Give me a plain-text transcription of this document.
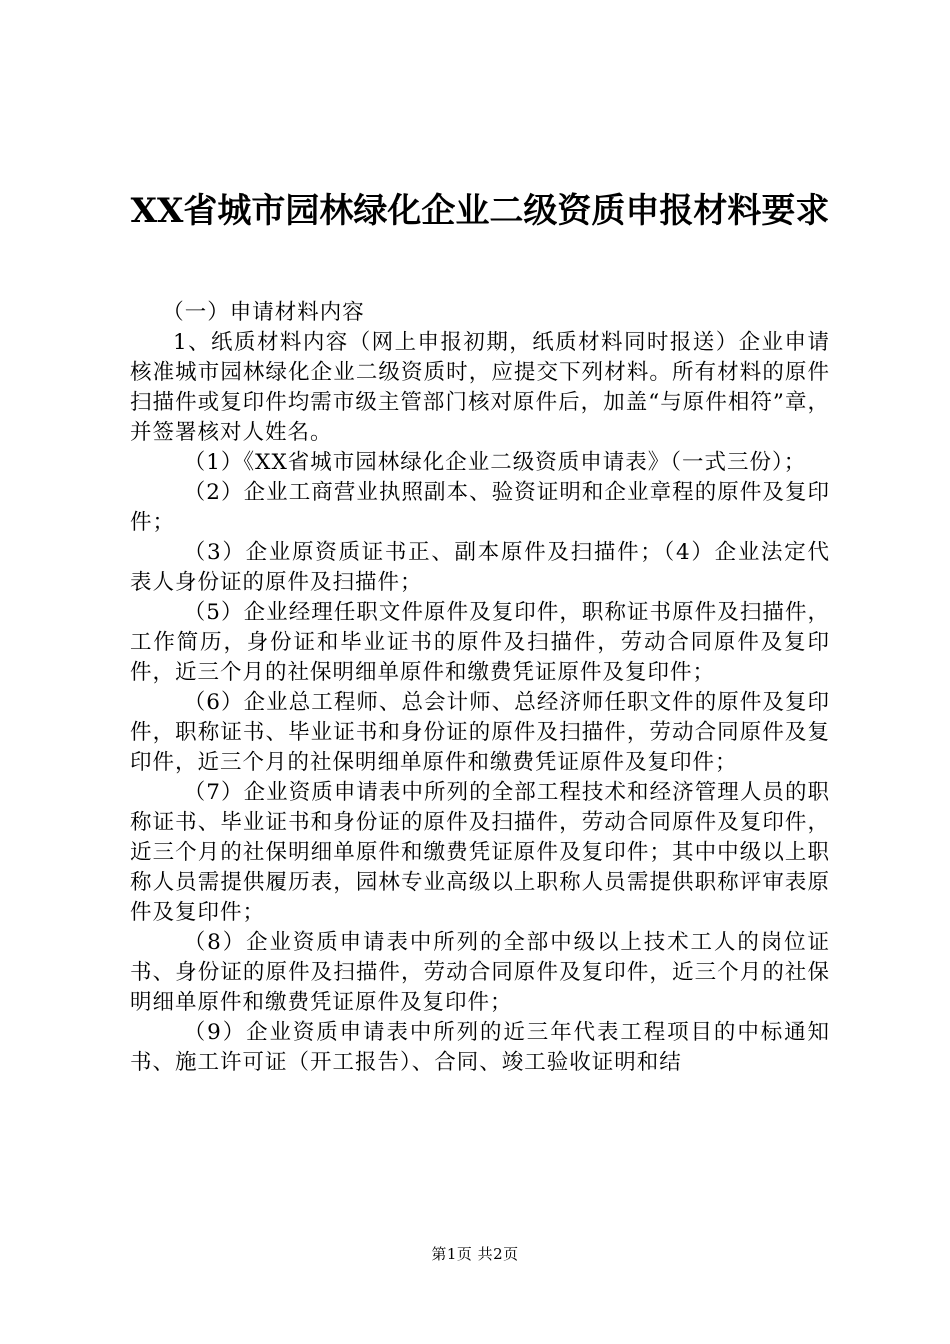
XX省城市园林绿化企业二级资质申报材料要求

（一）申请材料内容

1、纸质材料内容（网上申报初期，纸质材料同时报送）企业申请核准城市园林绿化企业二级资质时，应提交下列材料。所有材料的原件扫描件或复印件均需市级主管部门核对原件后，加盖“与原件相符”章，并签署核对人姓名。

（1）《XX省城市园林绿化企业二级资质申请表》（一式三份）；

（2）企业工商营业执照副本、验资证明和企业章程的原件及复印件；

（3）企业原资质证书正、副本原件及扫描件；（4）企业法定代表人身份证的原件及扫描件；

（5）企业经理任职文件原件及复印件，职称证书原件及扫描件，工作简历，身份证和毕业证书的原件及扫描件，劳动合同原件及复印件，近三个月的社保明细单原件和缴费凭证原件及复印件；

（6）企业总工程师、总会计师、总经济师任职文件的原件及复印件，职称证书、毕业证书和身份证的原件及扫描件，劳动合同原件及复印件，近三个月的社保明细单原件和缴费凭证原件及复印件；

（7）企业资质申请表中所列的全部工程技术和经济管理人员的职称证书、毕业证书和身份证的原件及扫描件，劳动合同原件及复印件，近三个月的社保明细单原件和缴费凭证原件及复印件；其中中级以上职称人员需提供履历表，园林专业高级以上职称人员需提供职称评审表原件及复印件；

（8）企业资质申请表中所列的全部中级以上技术工人的岗位证书、身份证的原件及扫描件，劳动合同原件及复印件，近三个月的社保明细单原件和缴费凭证原件及复印件；

（9）企业资质申请表中所列的近三年代表工程项目的中标通知书、施工许可证（开工报告）、合同、竣工验收证明和结

第1页 共2页
